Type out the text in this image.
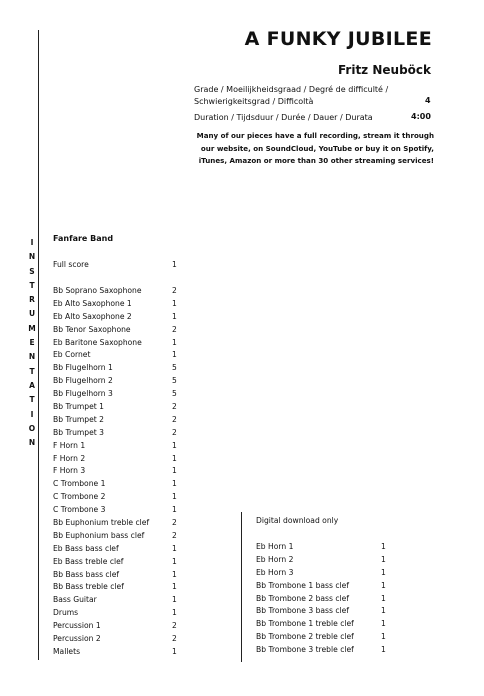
I
N
S
T
R
U
M
E
N
T
A
T
I
O
N
A FUNKY JUBILEE
Fritz Neuböck
Grade / Moeilijkheidsgraad / Degré de difficulté / Schwierigkeitsgrad / Difficoltà	4
Duration / Tijdsduur / Durée / Dauer / Durata	4:00
Many of our pieces have a full recording, stream it through our website, on SoundCloud, YouTube or buy it on Spotify, iTunes, Amazon or more than 30 other streaming services!
Fanfare Band
Full score	1
Bb Soprano Saxophone	2
Eb Alto Saxophone 1	1
Eb Alto Saxophone 2	1
Bb Tenor Saxophone	2
Eb Baritone Saxophone	1
Eb Cornet	1
Bb Flugelhorn 1	5
Bb Flugelhorn 2	5
Bb Flugelhorn 3	5
Bb Trumpet 1	2
Bb Trumpet 2	2
Bb Trumpet 3	2
F Horn 1	1
F Horn 2	1
F Horn 3	1
C Trombone 1	1
C Trombone 2	1
C Trombone 3	1
Bb Euphonium treble clef	2
Bb Euphonium bass clef	2
Eb Bass bass clef	1
Eb Bass treble clef	1
Bb Bass bass clef	1
Bb Bass treble clef	1
Bass Guitar	1
Drums	1
Percussion 1	2
Percussion 2	2
Mallets	1
Digital download only
Eb Horn 1	1
Eb Horn 2	1
Eb Horn 3	1
Bb Trombone 1 bass clef	1
Bb Trombone 2 bass clef	1
Bb Trombone 3 bass clef	1
Bb Trombone 1 treble clef	1
Bb Trombone 2 treble clef	1
Bb Trombone 3 treble clef	1
